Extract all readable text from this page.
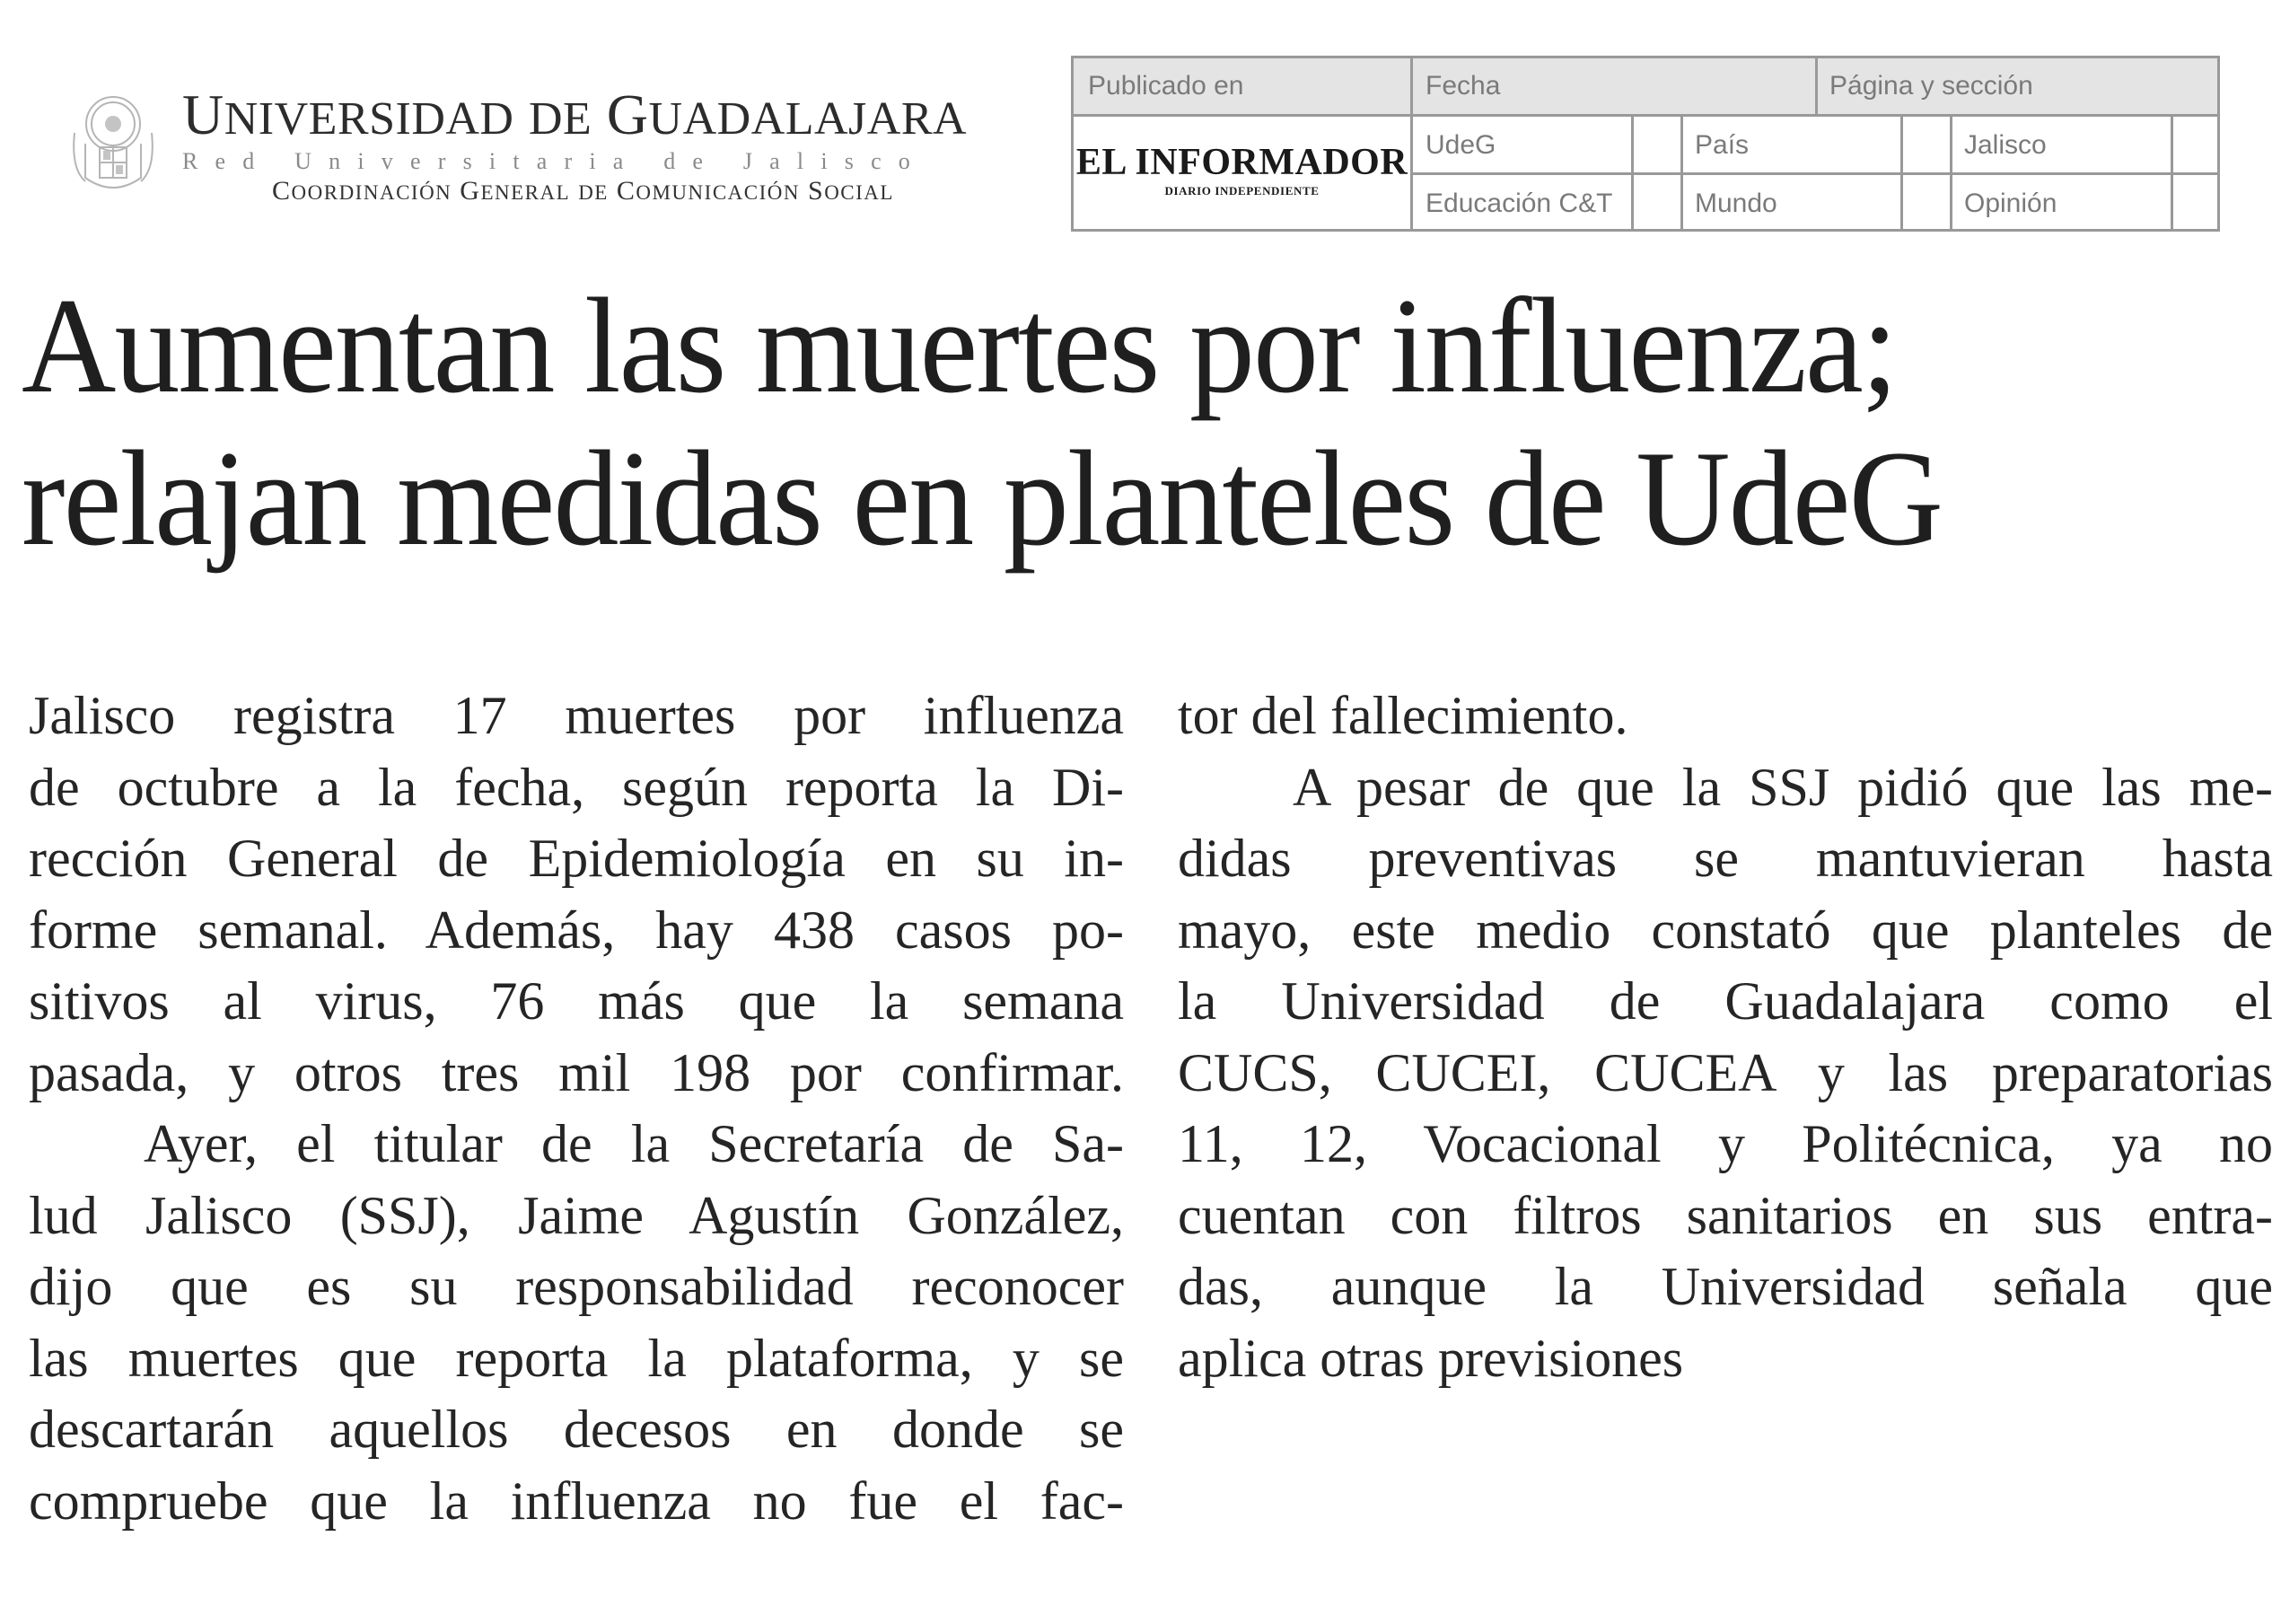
UNIVERSIDAD DE GUADALAJARA
Red Universitaria de Jalisco
COORDINACIÓN GENERAL DE COMUNICACIÓN SOCIAL
Publicado en	Fecha	Página y sección
EL INFORMADOR
DIARIO INDEPENDIENTE
UdeG	País	Jalisco
Educación C&T	Mundo	Opinión
Aumentan las muertes por influenza;
relajan medidas en planteles de UdeG
Jalisco registra 17 muertes por influenza
de octubre a la fecha, según reporta la Di-
rección General de Epidemiología en su in-
forme semanal. Además, hay 438 casos po-
sitivos al virus, 76 más que la semana
pasada, y otros tres mil 198 por confirmar.
Ayer, el titular de la Secretaría de Sa-
lud Jalisco (SSJ), Jaime Agustín González,
dijo que es su responsabilidad reconocer
las muertes que reporta la plataforma, y se
descartarán aquellos decesos en donde se
compruebe que la influenza no fue el fac-
tor del fallecimiento.
A pesar de que la SSJ pidió que las me-
didas preventivas se mantuvieran hasta
mayo, este medio constató que planteles de
la Universidad de Guadalajara como el
CUCS, CUCEI, CUCEA y las preparatorias
11, 12, Vocacional y Politécnica, ya no
cuentan con filtros sanitarios en sus entra-
das, aunque la Universidad señala que
aplica otras previsiones
